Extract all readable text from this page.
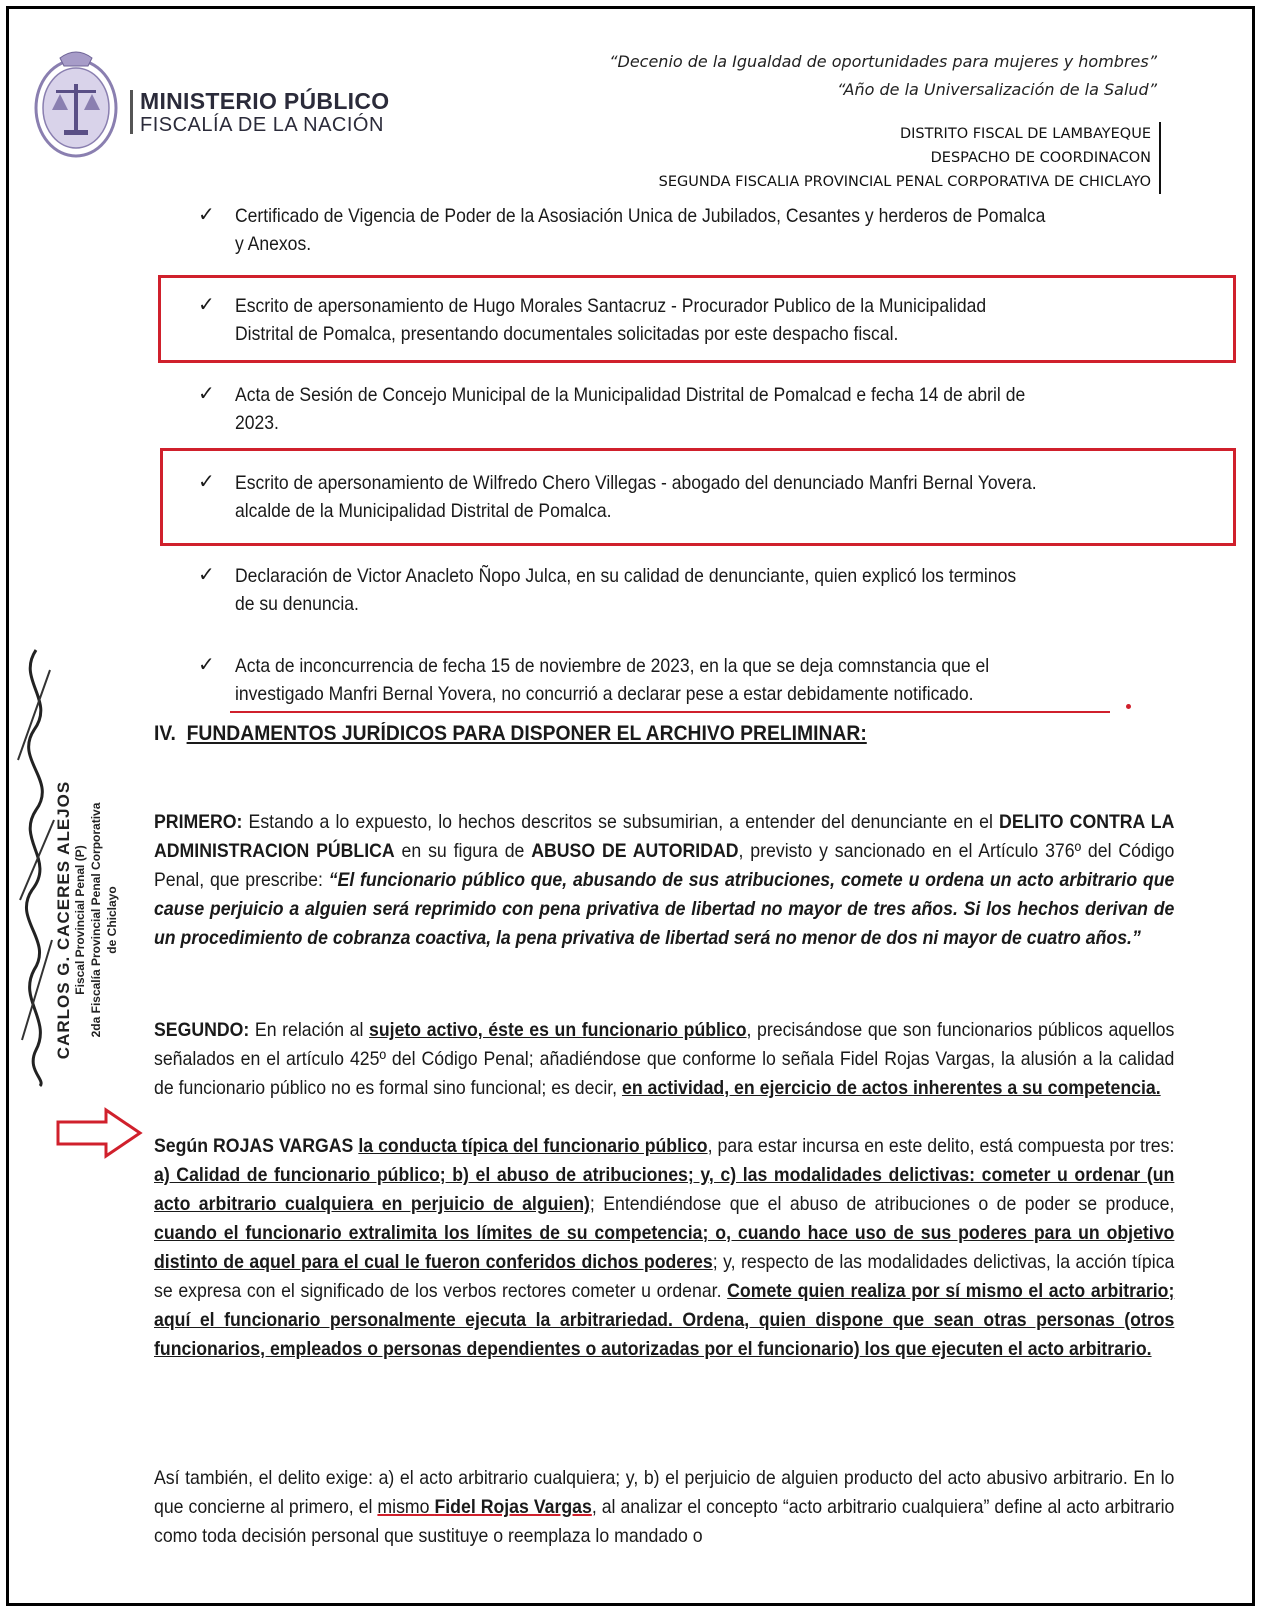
MINISTERIO PÚBLICO
FISCALÍA DE LA NACIÓN
“Decenio de la Igualdad de oportunidades para mujeres y hombres”
“Año de la Universalización de la Salud”
DISTRITO FISCAL DE LAMBAYEQUE
DESPACHO DE COORDINACON
SEGUNDA FISCALIA PROVINCIAL PENAL CORPORATIVA DE CHICLAYO
✓ Certificado de Vigencia de Poder de la Asosiación Unica de Jubilados, Cesantes y herderos de Pomalca
y Anexos.
✓ Escrito de apersonamiento de Hugo Morales Santacruz - Procurador Publico de la Municipalidad
Distrital de Pomalca, presentando documentales solicitadas por este despacho fiscal.
✓ Acta de Sesión de Concejo Municipal de la Municipalidad Distrital de Pomalcad e fecha 14 de abril de
2023.
✓ Escrito de apersonamiento de Wilfredo Chero Villegas - abogado del denunciado Manfri Bernal Yovera.
alcalde de la Municipalidad Distrital de Pomalca.
✓ Declaración de Victor Anacleto Ñopo Julca, en su calidad de denunciante, quien explicó los terminos
de su denuncia.
✓ Acta de inconcurrencia de fecha 15 de noviembre de 2023, en la que se deja comnstancia que el
investigado Manfri Bernal Yovera, no concurrió a declarar pese a estar debidamente notificado.
IV. FUNDAMENTOS JURÍDICOS PARA DISPONER EL ARCHIVO PRELIMINAR:
PRIMERO: Estando a lo expuesto, lo hechos descritos se subsumirian, a entender del denunciante en el DELITO CONTRA LA ADMINISTRACION PÚBLICA en su figura de ABUSO DE AUTORIDAD, previsto y sancionado en el Artículo 376º del Código Penal, que prescribe: “El funcionario público que, abusando de sus atribuciones, comete u ordena un acto arbitrario que cause perjuicio a alguien será reprimido con pena privativa de libertad no mayor de tres años. Si los hechos derivan de un procedimiento de cobranza coactiva, la pena privativa de libertad será no menor de dos ni mayor de cuatro años.”
SEGUNDO: En relación al sujeto activo, éste es un funcionario público, precisándose que son funcionarios públicos aquellos señalados en el artículo 425º del Código Penal; añadiéndose que conforme lo señala Fidel Rojas Vargas, la alusión a la calidad de funcionario público no es formal sino funcional; es decir, en actividad, en ejercicio de actos inherentes a su competencia.
Según ROJAS VARGAS la conducta típica del funcionario público, para estar incursa en este delito, está compuesta por tres: a) Calidad de funcionario público; b) el abuso de atribuciones; y, c) las modalidades delictivas: cometer u ordenar (un acto arbitrario cualquiera en perjuicio de alguien); Entendiéndose que el abuso de atribuciones o de poder se produce, cuando el funcionario extralimita los límites de su competencia; o, cuando hace uso de sus poderes para un objetivo distinto de aquel para el cual le fueron conferidos dichos poderes; y, respecto de las modalidades delictivas, la acción típica se expresa con el significado de los verbos rectores cometer u ordenar. Comete quien realiza por sí mismo el acto arbitrario; aquí el funcionario personalmente ejecuta la arbitrariedad. Ordena, quien dispone que sean otras personas (otros funcionarios, empleados o personas dependientes o autorizadas por el funcionario) los que ejecuten el acto arbitrario.
Así también, el delito exige: a) el acto arbitrario cualquiera; y, b) el perjuicio de alguien producto del acto abusivo arbitrario. En lo que concierne al primero, el mismo Fidel Rojas Vargas, al analizar el concepto “acto arbitrario cualquiera” define al acto arbitrario como toda decisión personal que sustituye o reemplaza lo mandado o
CARLOS G. CACERES ALEJOS Fiscal Provincial Penal (P) 2da Fiscalía Provincial Penal Corporativa de Chiclayo
